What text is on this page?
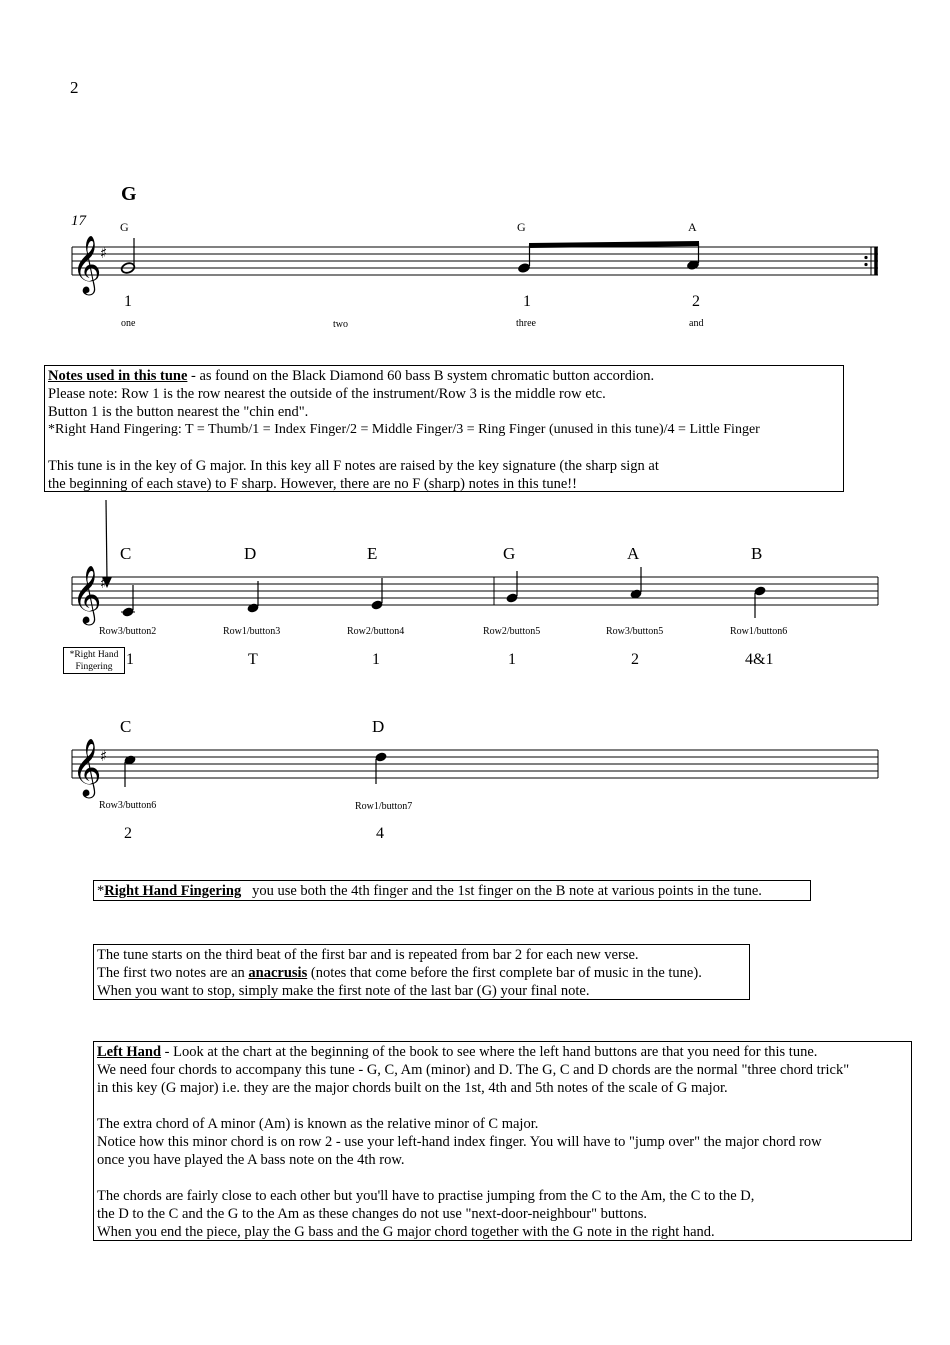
2
G
17
𝄞
♯
𝄞
♯
𝄞
♯
G	G	A
1	1	2
one	two	three	and

Notes used in this tune - as found on the Black Diamond 60 bass B system chromatic button accordion.

Please note: Row 1 is the row nearest the outside of the instrument/Row 3 is the middle row etc.

Button 1 is the button nearest the "chin end".

*Right Hand Fingering: T = Thumb/1 = Index Finger/2 = Middle Finger/3 = Ring Finger (unused in this tune)/4 = Little Finger

This tune is in the key of G major. In this key all F notes are raised by the key signature (the sharp sign at

the beginning of each stave) to F sharp. However, there are no F (sharp) notes in this tune!!

C	D	E	G	A	B
Row3/button2	Row1/button3	Row2/button4	Row2/button5	Row3/button5	Row1/button6
*Right Hand
Fingering 1	T	1	1	2	4&1
C	D
Row3/button6	Row1/button7
2	4

*Right Hand Fingering   you use both the 4th finger and the 1st finger on the B note at various points in the tune.

The tune starts on the third beat of the first bar and is repeated from bar 2 for each new verse.

The first two notes are an anacrusis (notes that come before the first complete bar of music in the tune).

When you want to stop, simply make the first note of the last bar (G) your final note.

Left Hand - Look at the chart at the beginning of the book to see where the left hand buttons are that you need for this tune.

We need four chords to accompany this tune - G, C, Am (minor) and D. The G, C and D chords are the normal "three chord trick"

in this key (G major) i.e. they are the major chords built on the 1st, 4th and 5th notes of the scale of G major.

The extra chord of A minor (Am) is known as the relative minor of C major.

Notice how this minor chord is on row 2 - use your left-hand index finger. You will have to "jump over" the major chord row

once you have played the A bass note on the 4th row.

The chords are fairly close to each other but you'll have to practise jumping from the C to the Am, the C to the D,

the D to the C and the G to the Am as these changes do not use "next-door-neighbour" buttons.

When you end the piece, play the G bass and the G major chord together with the G note in the right hand.
